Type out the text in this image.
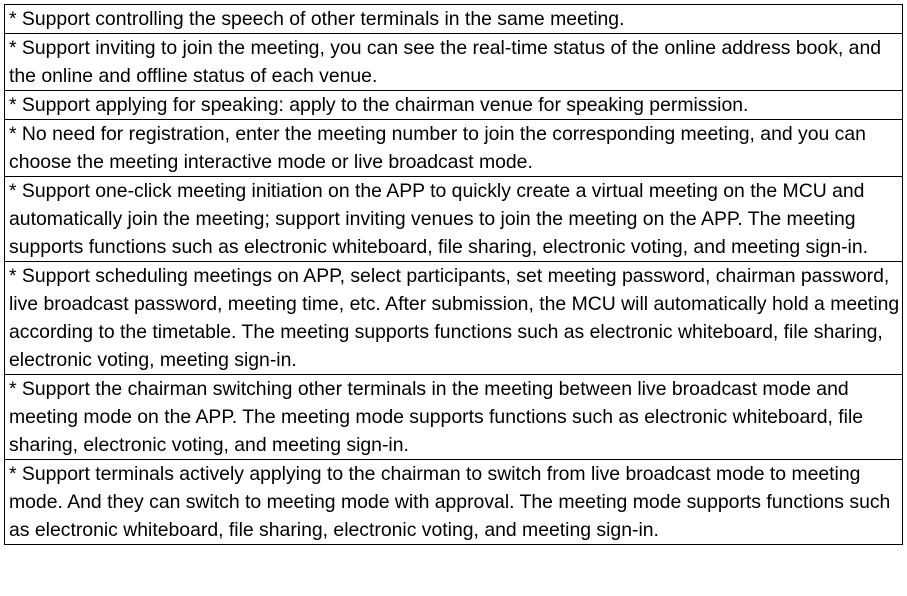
* Support controlling the speech of other terminals in the same meeting.
* Support inviting to join the meeting, you can see the real-time status of the online address book, and the online and offline status of each venue.
* Support applying for speaking: apply to the chairman venue for speaking permission.
* No need for registration, enter the meeting number to join the corresponding meeting, and you can choose the meeting interactive mode or live broadcast mode.
* Support one-click meeting initiation on the APP to quickly create a virtual meeting on the MCU and automatically join the meeting; support inviting venues to join the meeting on the APP. The meeting supports functions such as electronic whiteboard, file sharing, electronic voting, and meeting sign-in.
* Support scheduling meetings on APP, select participants, set meeting password, chairman password, live broadcast password, meeting time, etc. After submission, the MCU will automatically hold a meeting according to the timetable. The meeting supports functions such as electronic whiteboard, file sharing, electronic voting, meeting sign-in.
* Support the chairman switching other terminals in the meeting between live broadcast mode and meeting mode on the APP. The meeting mode supports functions such as electronic whiteboard, file sharing, electronic voting, and meeting sign-in.
* Support terminals actively applying to the chairman to switch from live broadcast mode to meeting mode. And they can switch to meeting mode with approval. The meeting mode supports functions such as electronic whiteboard, file sharing, electronic voting, and meeting sign-in.
